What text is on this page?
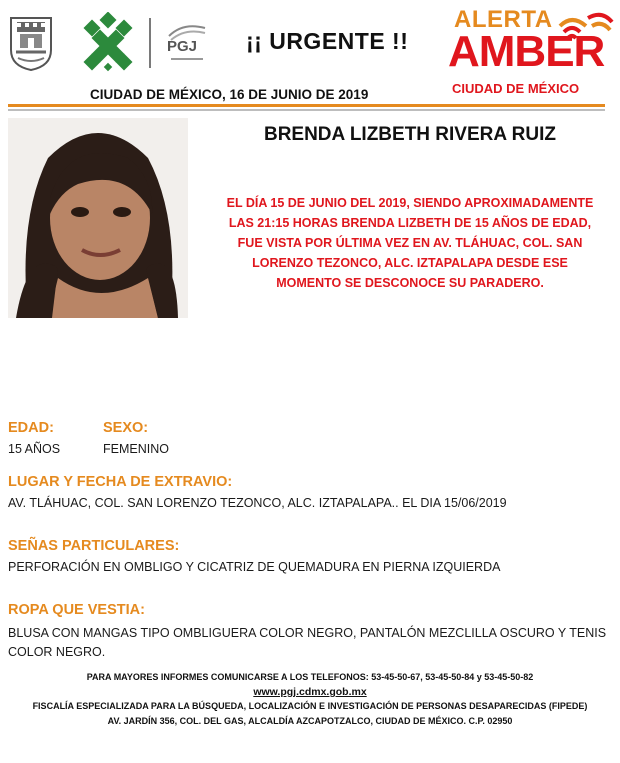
PGJ ¡¡ URGENTE !!
ALERTA
AMBER
CIUDAD DE MÉXICO
CIUDAD DE MÉXICO, 16 DE JUNIO DE 2019
BRENDA LIZBETH RIVERA RUIZ
EL DÍA 15 DE JUNIO DEL 2019, SIENDO APROXIMADAMENTE LAS 21:15 HORAS BRENDA LIZBETH DE 15 AÑOS DE EDAD, FUE VISTA POR ÚLTIMA VEZ EN AV. TLÁHUAC, COL. SAN LORENZO TEZONCO, ALC. IZTAPALAPA DESDE ESE MOMENTO SE DESCONOCE SU PARADERO.
EDAD:
15 AÑOS
SEXO:
FEMENINO
LUGAR Y FECHA DE EXTRAVIO:
AV. TLÁHUAC, COL. SAN LORENZO TEZONCO, ALC. IZTAPALAPA.. EL DIA 15/06/2019
SEÑAS PARTICULARES:
PERFORACIÓN EN OMBLIGO Y CICATRIZ DE QUEMADURA EN PIERNA IZQUIERDA
ROPA QUE VESTIA:
BLUSA CON MANGAS TIPO OMBLIGUERA COLOR NEGRO, PANTALÓN MEZCLILLA OSCURO Y TENIS COLOR NEGRO.
PARA MAYORES INFORMES COMUNICARSE A LOS TELEFONOS: 53-45-50-67, 53-45-50-84 y 53-45-50-82
www.pgj.cdmx.gob.mx
FISCALÍA ESPECIALIZADA PARA LA BÚSQUEDA, LOCALIZACIÓN E INVESTIGACIÓN DE PERSONAS DESAPARECIDAS (FIPEDE)
AV. JARDÍN 356, COL. DEL GAS, ALCALDÍA AZCAPOTZALCO, CIUDAD DE MÉXICO. C.P. 02950
